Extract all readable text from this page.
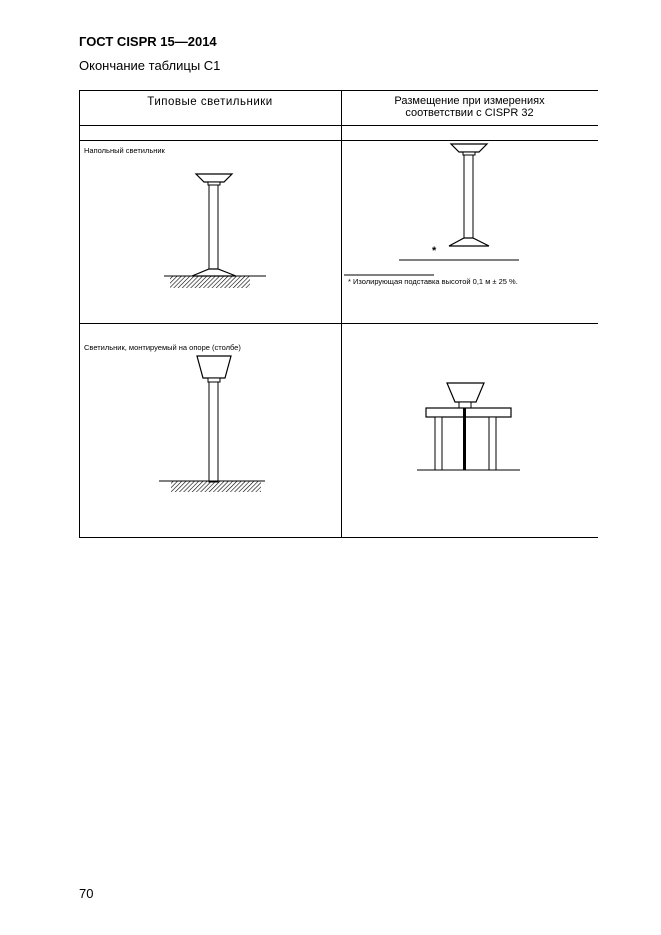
ГОСТ CISPR 15—2014
Окончание таблицы С1
Типовые светильники	Размещение при измерениях
соответствии с CISPR 32
Напольный светильник
Светильник, монтируемый на опоре (столбе)
*
* Изолирующая подставка высотой 0,1 м ± 25 %.
70
